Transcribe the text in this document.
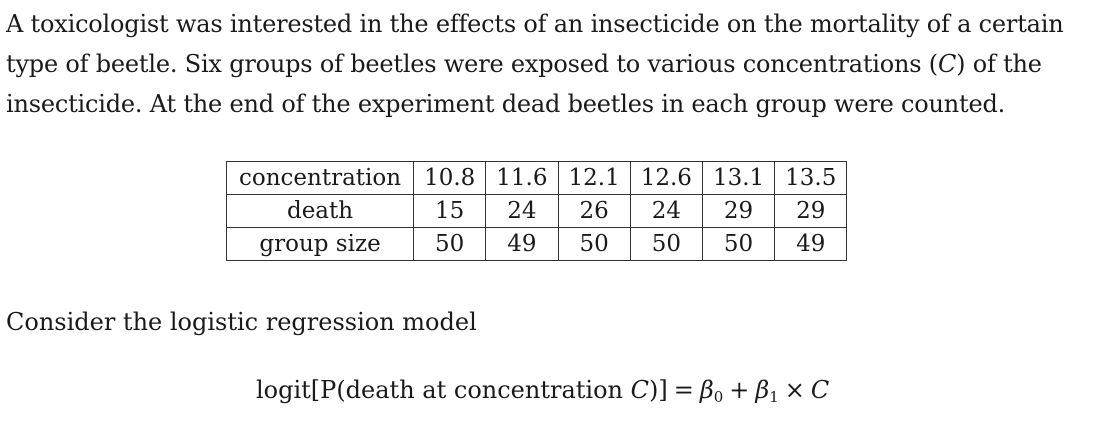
A toxicologist was interested in the effects of an insecticide on the mortality of a certain type of beetle. Six groups of beetles were exposed to various concentrations (C) of the insecticide. At the end of the experiment dead beetles in each group were counted.

concentration	10.8	11.6	12.1	12.6	13.1	13.5
death	15	24	26	24	29	29
group size	50	49	50	50	50	49

Consider the logistic regression model

logit[P(death at concentration $C)] = \beta_0 + \beta_1 \times C$
